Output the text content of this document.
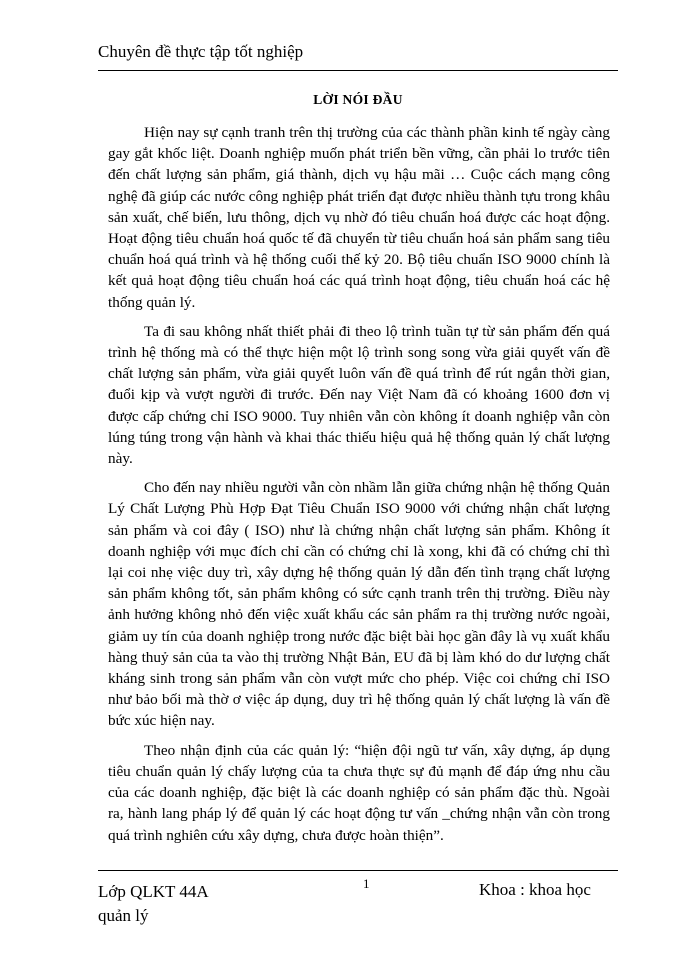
Chuyên đề thực tập tốt nghiệp
LỜI NÓI ĐẦU

Hiện nay sự cạnh tranh trên thị trường của các thành phần kinh tế ngày càng gay gắt khốc liệt. Doanh nghiệp muốn phát triển bền vững, cần phải lo trước tiên đến chất lượng sản phẩm, giá thành, dịch vụ hậu mãi … Cuộc cách mạng công nghệ đã giúp các nước công nghiệp phát triển đạt được nhiều thành tựu trong khâu sản xuất, chế biến, lưu thông, dịch vụ nhờ đó tiêu chuẩn hoá được các hoạt động. Hoạt động tiêu chuẩn hoá quốc tế đã chuyển từ tiêu chuẩn hoá sản phẩm sang tiêu chuẩn hoá quá trình và hệ thống cuối thế kỷ 20. Bộ tiêu chuẩn ISO 9000 chính là kết quả hoạt động tiêu chuẩn hoá các quá trình hoạt động, tiêu chuẩn hoá các hệ thống quản lý.

Ta đi sau không nhất thiết phải đi theo lộ trình tuần tự từ sản phẩm đến quá trình hệ thống mà có thể thực hiện một lộ trình song song vừa giải quyết vấn đề chất lượng sản phẩm, vừa giải quyết luôn vấn đề quá trình để rút ngắn thời gian, đuổi kịp và vượt người đi trước. Đến nay Việt Nam đã có khoảng 1600 đơn vị được cấp chứng chỉ ISO 9000. Tuy nhiên vẫn còn không ít doanh nghiệp vẫn còn lúng túng trong vận hành và khai thác thiếu hiệu quả hệ thống quản lý chất lượng này.

Cho đến nay nhiều người vẫn còn nhầm lẫn giữa chứng nhận hệ thống Quản Lý Chất Lượng Phù Hợp Đạt Tiêu Chuẩn ISO 9000 với chứng nhận chất lượng sản phẩm và coi đây ( ISO) như là chứng nhận chất lượng sản phẩm. Không ít doanh nghiệp với mục đích chỉ cần có chứng chỉ là xong, khi đã có chứng chỉ thì lại coi nhẹ việc duy trì, xây dựng hệ thống quản lý dẫn đến tình trạng chất lượng sản phẩm không tốt, sản phẩm không có sức cạnh tranh trên thị trường. Điều này ảnh hưởng không nhỏ đến việc xuất khẩu các sản phẩm ra thị trường nước ngoài, giảm uy tín của doanh nghiệp trong nước đặc biệt bài học gần đây là vụ xuất khẩu hàng thuỷ sản của ta vào thị trường Nhật Bản, EU đã bị làm khó do dư lượng chất kháng sinh trong sản phẩm vẫn còn vượt mức cho phép. Việc coi chứng chỉ ISO như bảo bối mà thờ ơ việc áp dụng, duy trì hệ thống quản lý chất lượng là vấn đề bức xúc hiện nay.

Theo nhận định của các quản lý: “hiện đội ngũ tư vấn, xây dựng, áp dụng tiêu chuẩn quản lý chấy lượng của ta chưa thực sự đủ mạnh để đáp ứng nhu cầu của các doanh nghiệp, đặc biệt là các doanh nghiệp có sản phẩm đặc thù. Ngoài ra, hành lang pháp lý để quản lý các hoạt động tư vấn _chứng nhận vẫn còn trong quá trình nghiên cứu xây dựng, chưa được hoàn thiện”.

Lớp QLKT 44A
quản lý
1	Khoa : khoa học
